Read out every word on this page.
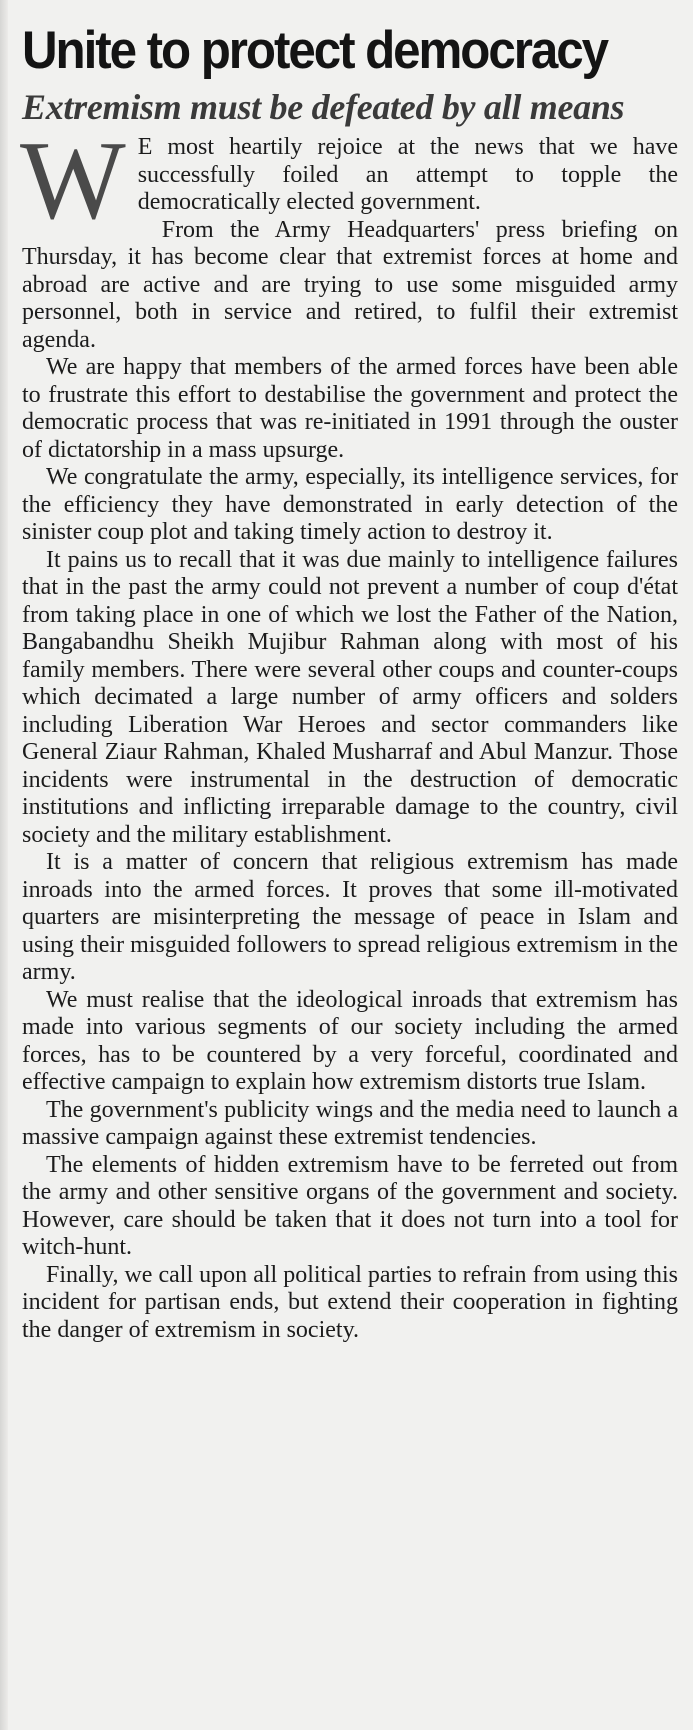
Unite to protect democracy
Extremism must be defeated by all means

W E most heartily rejoice at the news that we have successfully foiled an attempt to topple the democratically elected government.

From the Army Headquarters' press briefing on Thursday, it has become clear that extremist forces at home and abroad are active and are trying to use some misguided army personnel, both in service and retired, to fulfil their extremist agenda.

We are happy that members of the armed forces have been able to frustrate this effort to destabilise the government and protect the democratic process that was re-initiated in 1991 through the ouster of dictatorship in a mass upsurge.

We congratulate the army, especially, its intelligence services, for the efficiency they have demonstrated in early detection of the sinister coup plot and taking timely action to destroy it.

It pains us to recall that it was due mainly to intelligence failures that in the past the army could not prevent a number of coup d'état from taking place in one of which we lost the Father of the Nation, Bangabandhu Sheikh Mujibur Rahman along with most of his family members. There were several other coups and counter-coups which decimated a large number of army officers and solders including Liberation War Heroes and sector commanders like General Ziaur Rahman, Khaled Musharraf and Abul Manzur. Those incidents were instrumental in the destruction of democratic institutions and inflicting irreparable damage to the country, civil society and the military establishment.

It is a matter of concern that religious extremism has made inroads into the armed forces. It proves that some ill-motivated quarters are misinterpreting the message of peace in Islam and using their misguided followers to spread religious extremism in the army.

We must realise that the ideological inroads that extremism has made into various segments of our society including the armed forces, has to be countered by a very forceful, coordinated and effective campaign to explain how extremism distorts true Islam.

The government's publicity wings and the media need to launch a massive campaign against these extremist tendencies.

The elements of hidden extremism have to be ferreted out from the army and other sensitive organs of the government and society. However, care should be taken that it does not turn into a tool for witch-hunt.

Finally, we call upon all political parties to refrain from using this incident for partisan ends, but extend their cooperation in fighting the danger of extremism in society.
